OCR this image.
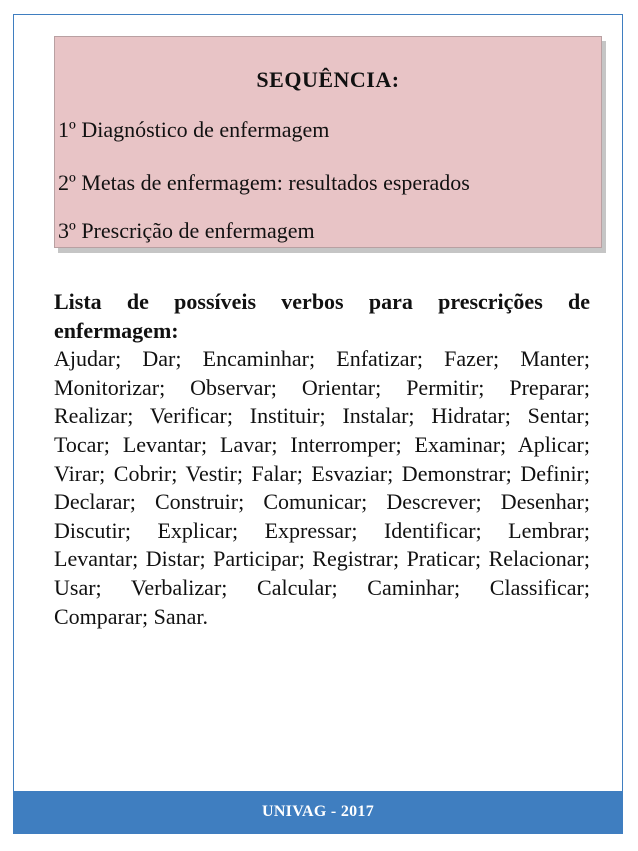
SEQUÊNCIA:
1º Diagnóstico de enfermagem
2º Metas de enfermagem: resultados esperados
3º Prescrição de enfermagem
Lista de possíveis verbos para prescrições de enfermagem:
Ajudar; Dar; Encaminhar; Enfatizar; Fazer; Manter; Monitorizar; Observar; Orientar; Permitir; Preparar; Realizar; Verificar; Instituir; Instalar; Hidratar; Sentar; Tocar; Levantar; Lavar; Interromper; Examinar; Aplicar; Virar; Cobrir; Vestir; Falar; Esvaziar; Demonstrar; Definir; Declarar; Construir; Comunicar; Descrever; Desenhar; Discutir; Explicar; Expressar; Identificar; Lembrar; Levantar; Distar; Participar; Registrar; Praticar; Relacionar; Usar; Verbalizar; Calcular; Caminhar; Classificar; Comparar; Sanar.
UNIVAG - 2017
